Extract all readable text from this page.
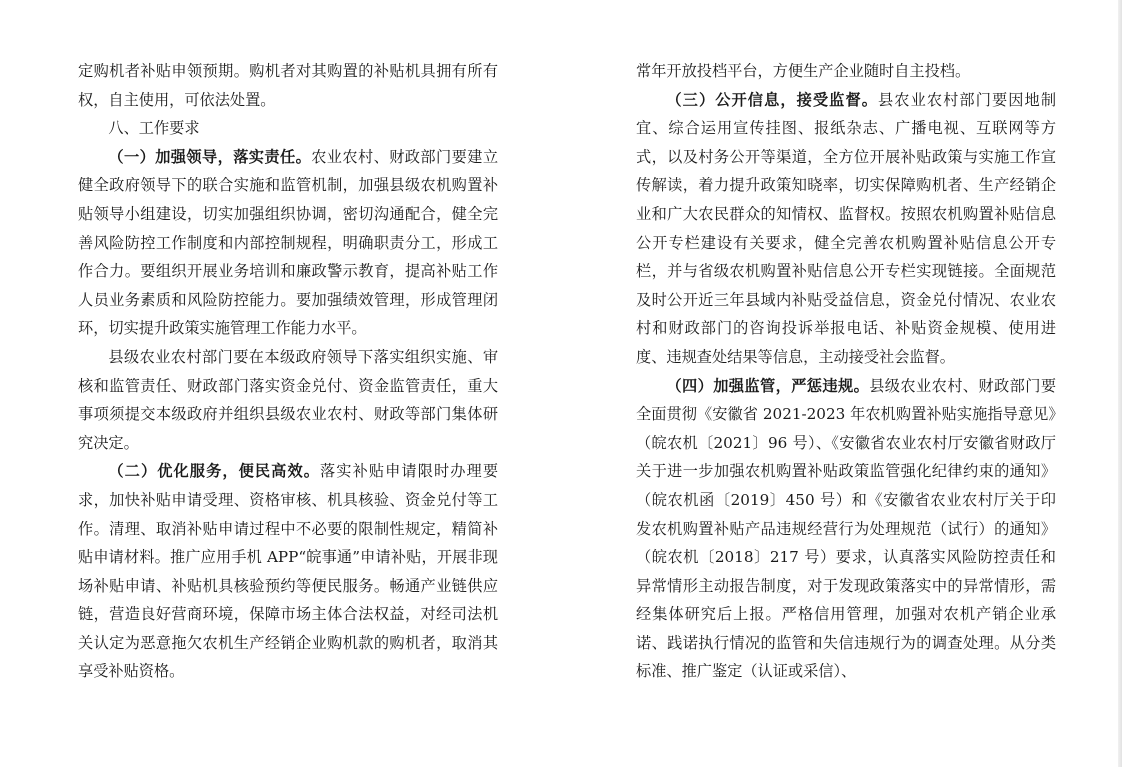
定购机者补贴申领预期。购机者对其购置的补贴机具拥有所有权，自主使用，可依法处置。

八、工作要求

（一）加强领导，落实责任。农业农村、财政部门要建立健全政府领导下的联合实施和监管机制，加强县级农机购置补贴领导小组建设，切实加强组织协调，密切沟通配合，健全完善风险防控工作制度和内部控制规程，明确职责分工，形成工作合力。要组织开展业务培训和廉政警示教育，提高补贴工作人员业务素质和风险防控能力。要加强绩效管理，形成管理闭环，切实提升政策实施管理工作能力水平。

县级农业农村部门要在本级政府领导下落实组织实施、审核和监管责任、财政部门落实资金兑付、资金监管责任，重大事项须提交本级政府并组织县级农业农村、财政等部门集体研究决定。

（二）优化服务，便民高效。落实补贴申请限时办理要求，加快补贴申请受理、资格审核、机具核验、资金兑付等工作。清理、取消补贴申请过程中不必要的限制性规定，精简补贴申请材料。推广应用手机 APP“皖事通”申请补贴，开展非现场补贴申请、补贴机具核验预约等便民服务。畅通产业链供应链，营造良好营商环境，保障市场主体合法权益，对经司法机关认定为恶意拖欠农机生产经销企业购机款的购机者，取消其享受补贴资格。

常年开放投档平台，方便生产企业随时自主投档。

（三）公开信息，接受监督。县农业农村部门要因地制宜、综合运用宣传挂图、报纸杂志、广播电视、互联网等方式，以及村务公开等渠道，全方位开展补贴政策与实施工作宣传解读，着力提升政策知晓率，切实保障购机者、生产经销企业和广大农民群众的知情权、监督权。按照农机购置补贴信息公开专栏建设有关要求，健全完善农机购置补贴信息公开专栏，并与省级农机购置补贴信息公开专栏实现链接。全面规范及时公开近三年县域内补贴受益信息，资金兑付情况、农业农村和财政部门的咨询投诉举报电话、补贴资金规模、使用进度、违规查处结果等信息，主动接受社会监督。

（四）加强监管，严惩违规。县级农业农村、财政部门要全面贯彻《安徽省 2021-2023 年农机购置补贴实施指导意见》（皖农机〔2021〕96 号）、《安徽省农业农村厅安徽省财政厅关于进一步加强农机购置补贴政策监管强化纪律约束的通知》（皖农机函〔2019〕450 号）和《安徽省农业农村厅关于印发农机购置补贴产品违规经营行为处理规范（试行）的通知》（皖农机〔2018〕217 号）要求，认真落实风险防控责任和异常情形主动报告制度，对于发现政策落实中的异常情形，需经集体研究后上报。严格信用管理，加强对农机产销企业承诺、践诺执行情况的监管和失信违规行为的调查处理。从分类标准、推广鉴定（认证或采信）、
